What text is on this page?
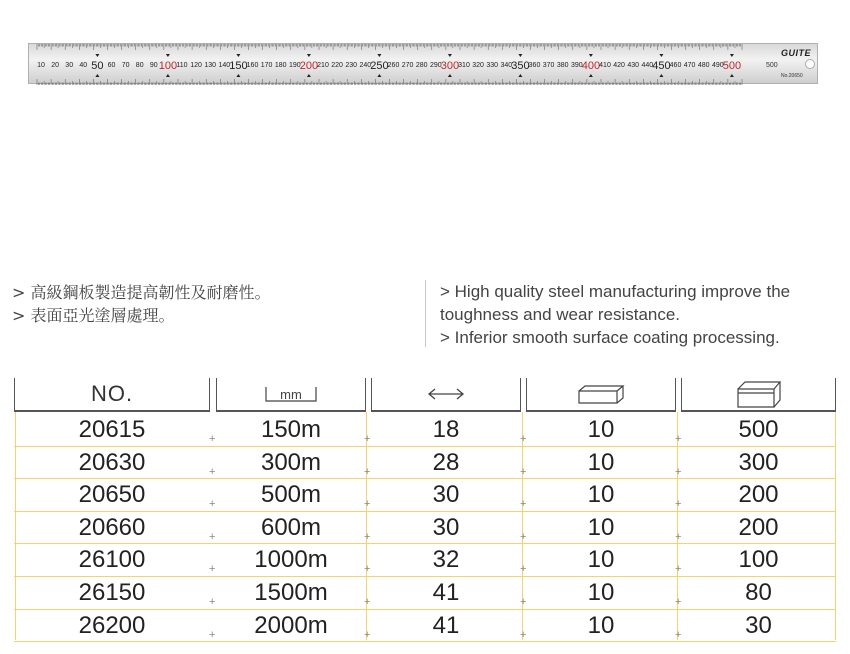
10 20 30 40 50 60 70 80 90 100 110 120 130 140 150 160 170 180 190 200 210 220 230 240 250 260 270 280 290 300 310 320 330 340 350 360 370 380 390 400 410 420 430 440 450 460 470 480 490 500	500
GUITE
No.20650
> 高級鋼板製造提高韌性及耐磨性。
> 表面亞光塗層處理。
> High quality steel manufacturing improve the toughness and wear resistance.
> Inferior smooth surface coating processing.
NO.	mm
20615	150m	18	10	500
+	+	+	+
20630	300m	28	10	300
+	+	+	+
20650	500m	30	10	200
+	+	+	+
20660	600m	30	10	200
+	+	+	+
26100	1000m	32	10	100
+	+	+	+
26150	1500m	41	10	80
+	+	+	+
26200	2000m	41	10	30
+	+	+	+
